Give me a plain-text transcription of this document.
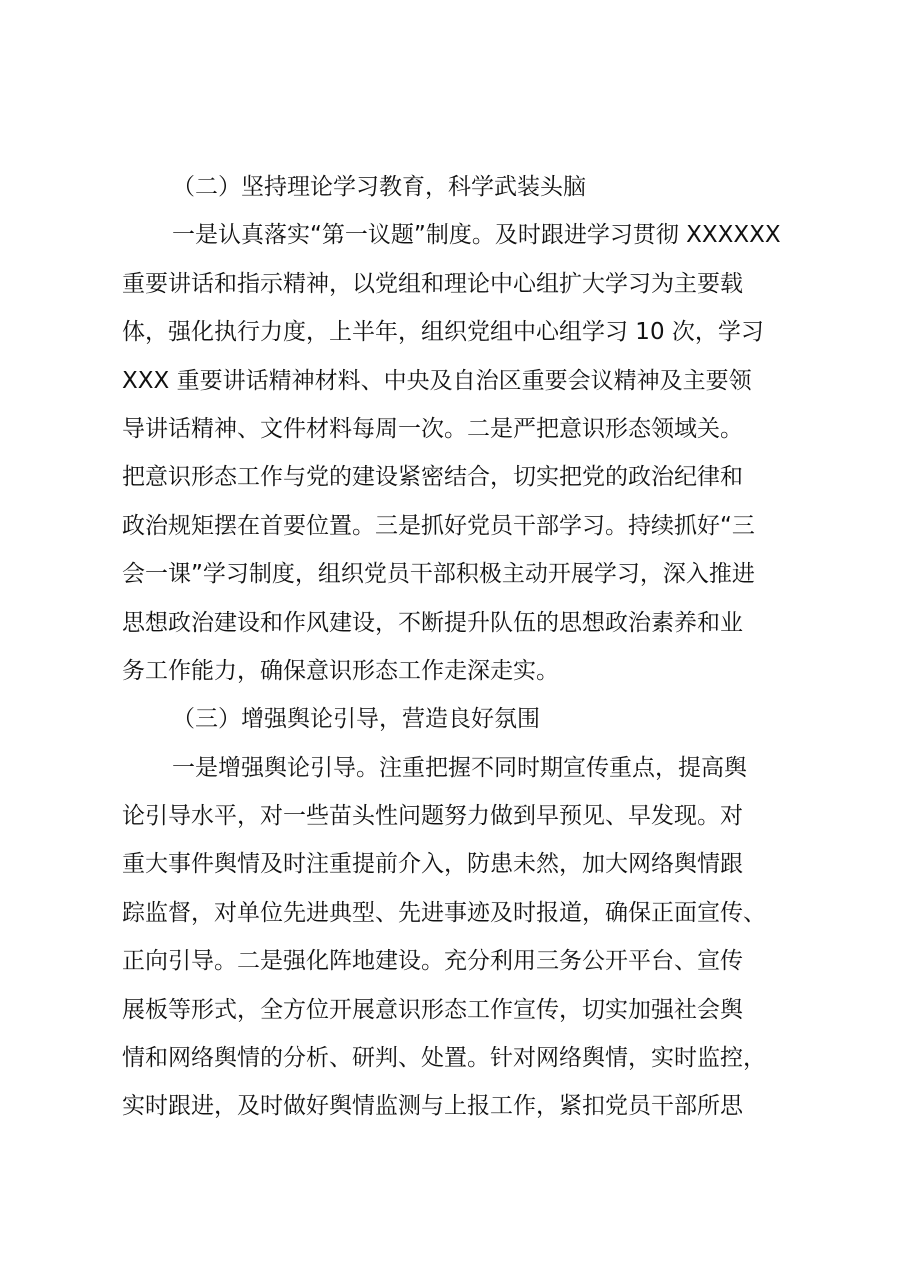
（二）坚持理论学习教育，科学武装头脑
一是认真落实“第一议题”制度。及时跟进学习贯彻 XXXXXX
重要讲话和指示精神，以党组和理论中心组扩大学习为主要载
体，强化执行力度，上半年，组织党组中心组学习 10 次，学习
XXX 重要讲话精神材料、中央及自治区重要会议精神及主要领
导讲话精神、文件材料每周一次。二是严把意识形态领域关。
把意识形态工作与党的建设紧密结合，切实把党的政治纪律和
政治规矩摆在首要位置。三是抓好党员干部学习。持续抓好“三
会一课”学习制度，组织党员干部积极主动开展学习，深入推进
思想政治建设和作风建设，不断提升队伍的思想政治素养和业
务工作能力，确保意识形态工作走深走实。
（三）增强舆论引导，营造良好氛围
一是增强舆论引导。注重把握不同时期宣传重点，提高舆
论引导水平，对一些苗头性问题努力做到早预见、早发现。对
重大事件舆情及时注重提前介入，防患未然，加大网络舆情跟
踪监督，对单位先进典型、先进事迹及时报道，确保正面宣传、
正向引导。二是强化阵地建设。充分利用三务公开平台、宣传
展板等形式，全方位开展意识形态工作宣传，切实加强社会舆
情和网络舆情的分析、研判、处置。针对网络舆情，实时监控，
实时跟进，及时做好舆情监测与上报工作，紧扣党员干部所思
